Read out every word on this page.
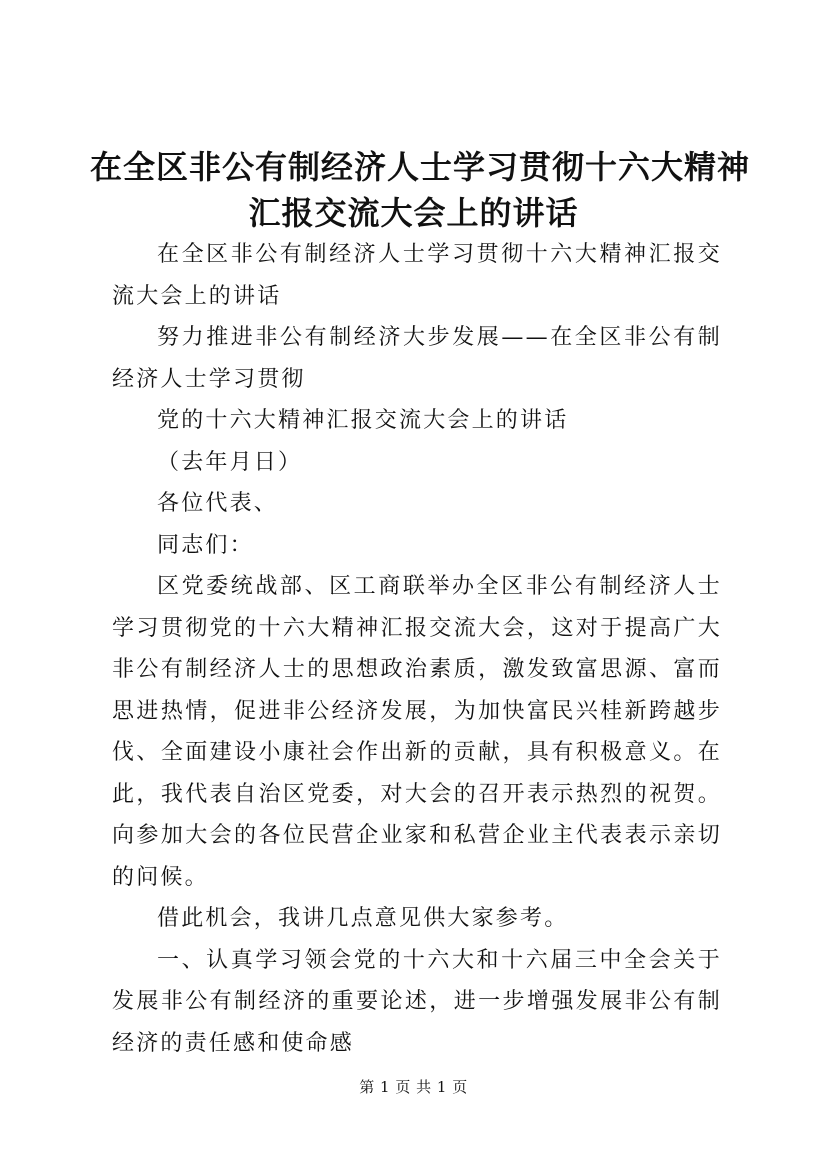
在全区非公有制经济人士学习贯彻十六大精神
汇报交流大会上的讲话

在全区非公有制经济人士学习贯彻十六大精神汇报交流大会上的讲话

努力推进非公有制经济大步发展——在全区非公有制经济人士学习贯彻

党的十六大精神汇报交流大会上的讲话

（去年月日）

各位代表、

同志们：

区党委统战部、区工商联举办全区非公有制经济人士学习贯彻党的十六大精神汇报交流大会，这对于提高广大非公有制经济人士的思想政治素质，激发致富思源、富而思进热情，促进非公经济发展，为加快富民兴桂新跨越步伐、全面建设小康社会作出新的贡献，具有积极意义。在此，我代表自治区党委，对大会的召开表示热烈的祝贺。向参加大会的各位民营企业家和私营企业主代表表示亲切的问候。

借此机会，我讲几点意见供大家参考。

一、认真学习领会党的十六大和十六届三中全会关于发展非公有制经济的重要论述，进一步增强发展非公有制经济的责任感和使命感

第 1 页 共 1 页
